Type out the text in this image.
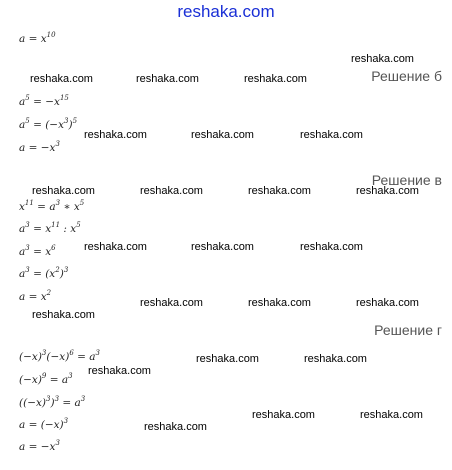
reshaka.com
$a = x^{10}$
Решение б
$a^5 = -x^{15}$
$a^5 = (-x^3)^5$
$a = -x^3$
Решение в
$x^{11} = a^3$ ∗ $x^5$
$a^3 = x^{11}$ : $x^5$
$a^3 = x^6$
$a^3 = (x^2)^3$
$a = x^2$
Решение г
$(-x)^3(-x)^6 = a^3$
$(-x)^9 = a^3$
$((-x)^3)^3 = a^3$
$a = (-x)^3$
$a = -x^3$
reshaka.com
reshaka.com	reshaka.com	reshaka.com
reshaka.com	reshaka.com	reshaka.com
reshaka.com	reshaka.com	reshaka.com	reshaka.com
reshaka.com	reshaka.com	reshaka.com
reshaka.com	reshaka.com	reshaka.com
reshaka.com
reshaka.com	reshaka.com
reshaka.com
reshaka.com	reshaka.com
reshaka.com
